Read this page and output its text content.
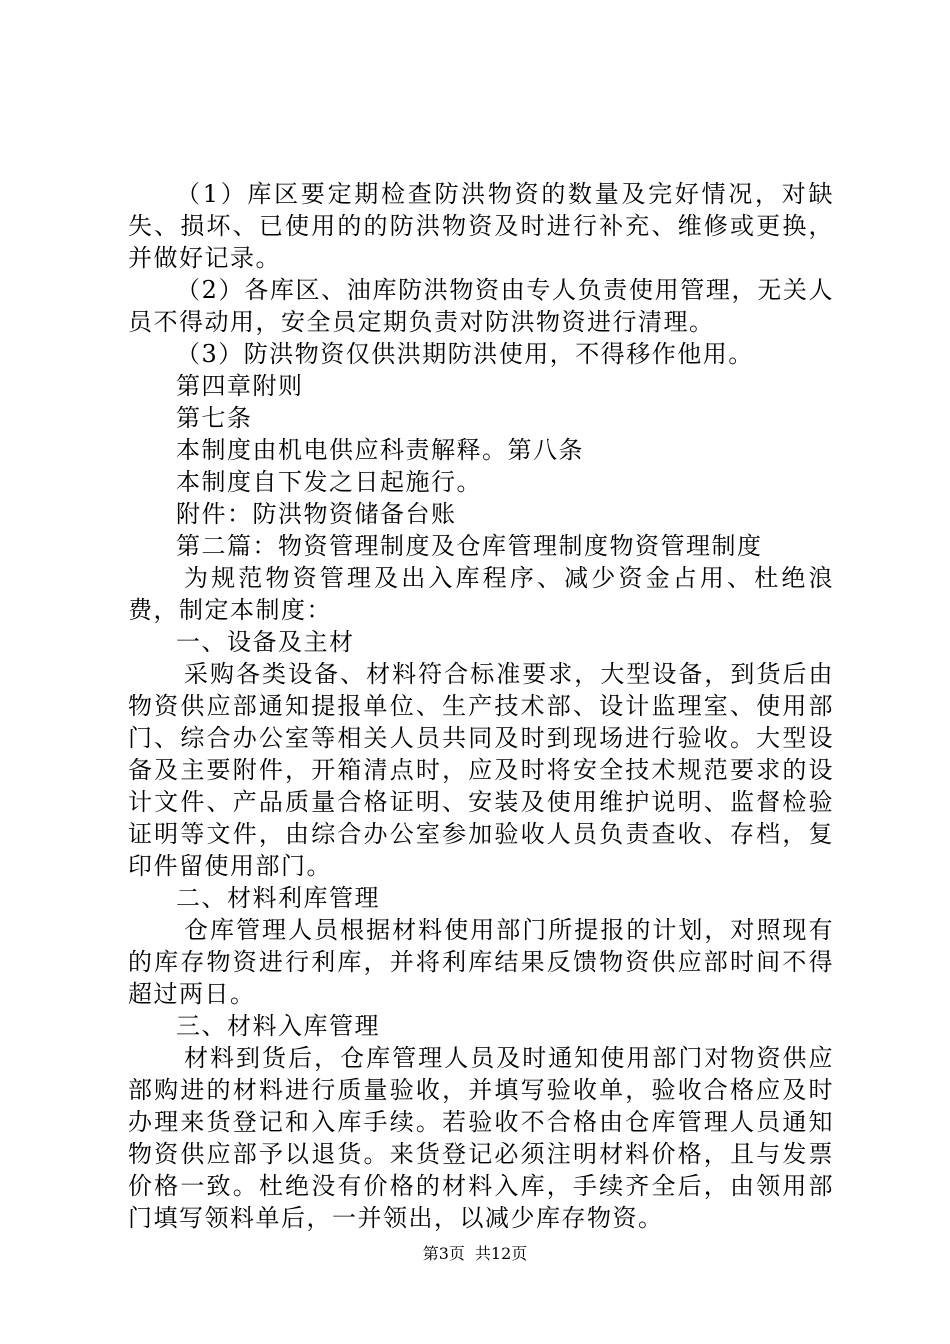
（1）库区要定期检查防洪物资的数量及完好情况，对缺失、损坏、已使用的的防洪物资及时进行补充、维修或更换，并做好记录。

（2）各库区、油库防洪物资由专人负责使用管理，无关人员不得动用，安全员定期负责对防洪物资进行清理。

（3）防洪物资仅供洪期防洪使用，不得移作他用。

第四章附则

第七条

本制度由机电供应科责解释。第八条

本制度自下发之日起施行。

附件：防洪物资储备台账

第二篇：物资管理制度及仓库管理制度物资管理制度

为规范物资管理及出入库程序、减少资金占用、杜绝浪费，制定本制度：

一、设备及主材

采购各类设备、材料符合标准要求，大型设备，到货后由物资供应部通知提报单位、生产技术部、设计监理室、使用部门、综合办公室等相关人员共同及时到现场进行验收。大型设备及主要附件，开箱清点时，应及时将安全技术规范要求的设计文件、产品质量合格证明、安装及使用维护说明、监督检验证明等文件，由综合办公室参加验收人员负责查收、存档，复印件留使用部门。

二、材料利库管理

仓库管理人员根据材料使用部门所提报的计划，对照现有的库存物资进行利库，并将利库结果反馈物资供应部时间不得超过两日。

三、材料入库管理

材料到货后，仓库管理人员及时通知使用部门对物资供应部购进的材料进行质量验收，并填写验收单，验收合格应及时办理来货登记和入库手续。若验收不合格由仓库管理人员通知物资供应部予以退货。来货登记必须注明材料价格，且与发票价格一致。杜绝没有价格的材料入库，手续齐全后，由领用部门填写领料单后，一并领出，以减少库存物资。

第3页 共12页
